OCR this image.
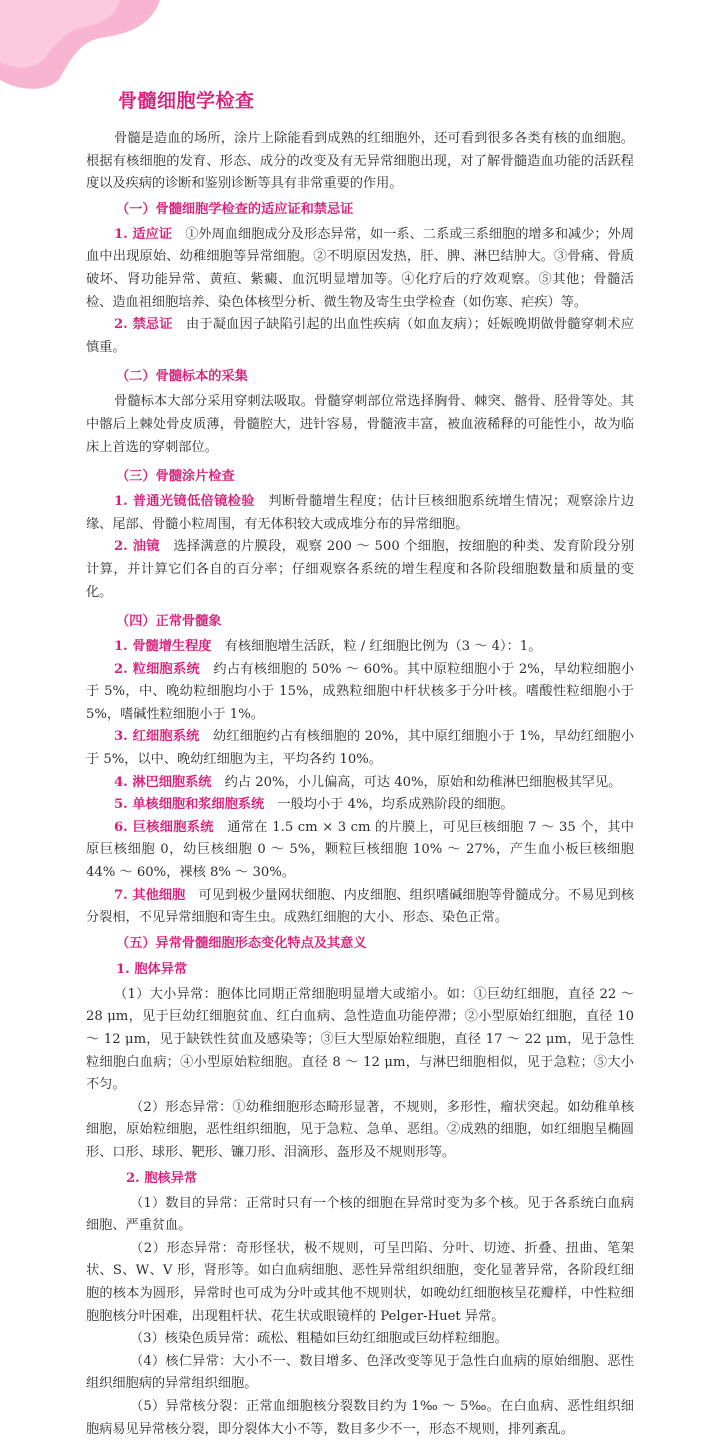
骨髓细胞学检查

骨髓是造血的场所，涂片上除能看到成熟的红细胞外，还可看到很多各类有核的血细胞。根据有核细胞的发育、形态、成分的改变及有无异常细胞出现，对了解骨髓造血功能的活跃程度以及疾病的诊断和鉴别诊断等具有非常重要的作用。

（一）骨髓细胞学检查的适应证和禁忌证

1. 适应证　 ①外周血细胞成分及形态异常，如一系、二系或三系细胞的增多和减少；外周血中出现原始、幼稚细胞等异常细胞。②不明原因发热，肝、脾、淋巴结肿大。③骨痛、骨质破坏、肾功能异常、黄疸、紫癜、血沉明显增加等。④化疗后的疗效观察。⑤其他；骨髓活检、造血祖细胞培养、染色体核型分析、微生物及寄生虫学检查（如伤寒、疟疾）等。

2. 禁忌证　 由于凝血因子缺陷引起的出血性疾病（如血友病）；妊娠晚期做骨髓穿刺术应慎重。

（二）骨髓标本的采集

骨髓标本大部分采用穿刺法吸取。骨髓穿刺部位常选择胸骨、棘突、髂骨、胫骨等处。其中髂后上棘处骨皮质薄，骨髓腔大，进针容易，骨髓液丰富，被血液稀释的可能性小，故为临床上首选的穿刺部位。

（三）骨髓涂片检查

1. 普通光镜低倍镜检验　 判断骨髓增生程度；估计巨核细胞系统增生情况；观察涂片边缘、尾部、骨髓小粒周围，有无体积较大或成堆分布的异常细胞。

2. 油镜　 选择满意的片膜段，观察 200 ～ 500 个细胞，按细胞的种类、发育阶段分别计算，并计算它们各自的百分率；仔细观察各系统的增生程度和各阶段细胞数量和质量的变化。

（四）正常骨髓象

1. 骨髓增生程度　 有核细胞增生活跃，粒 / 红细胞比例为（3 ～ 4）：1。

2. 粒细胞系统　 约占有核细胞的 50% ～ 60%。其中原粒细胞小于 2%，早幼粒细胞小于 5%，中、晚幼粒细胞均小于 15%，成熟粒细胞中杆状核多于分叶核。嗜酸性粒细胞小于 5%，嗜碱性粒细胞小于 1%。

3. 红细胞系统　 幼红细胞约占有核细胞的 20%，其中原红细胞小于 1%，早幼红细胞小于 5%，以中、晚幼红细胞为主，平均各约 10%。

4. 淋巴细胞系统　 约占 20%，小儿偏高，可达 40%，原始和幼稚淋巴细胞极其罕见。

5. 单核细胞和浆细胞系统　 一般均小于 4%，均系成熟阶段的细胞。

6. 巨核细胞系统　 通常在 1.5 cm × 3 cm 的片膜上，可见巨核细胞 7 ～ 35 个，其中原巨核细胞 0，幼巨核细胞 0 ～ 5%，颗粒巨核细胞 10% ～ 27%，产生血小板巨核细胞 44% ～ 60%，裸核 8% ～ 30%。

7. 其他细胞　 可见到极少量网状细胞、内皮细胞、组织嗜碱细胞等骨髓成分。不易见到核分裂相，不见异常细胞和寄生虫。成熟红细胞的大小、形态、染色正常。

（五）异常骨髓细胞形态变化特点及其意义
1. 胞体异常

（1）大小异常：胞体比同期正常细胞明显增大或缩小。如：①巨幼红细胞，直径 22 ～ 28 μm，见于巨幼红细胞贫血、红白血病、急性造血功能停滞；②小型原始红细胞，直径 10 ～ 12 μm，见于缺铁性贫血及感染等；③巨大型原始粒细胞，直径 17 ～ 22 μm，见于急性粒细胞白血病；④小型原始粒细胞。直径 8 ～ 12 μm，与淋巴细胞相似，见于急粒；⑤大小不匀。

（2）形态异常：①幼稚细胞形态畸形显著，不规则，多形性，瘤状突起。如幼稚单核细胞，原始粒细胞，恶性组织细胞，见于急粒、急单、恶组。②成熟的细胞，如红细胞呈椭圆形、口形、球形、靶形、镰刀形、泪滴形、盔形及不规则形等。

2. 胞核异常

（1）数目的异常：正常时只有一个核的细胞在异常时变为多个核。见于各系统白血病细胞、严重贫血。

（2）形态异常：奇形怪状，极不规则，可呈凹陷、分叶、切迹、折叠、扭曲、笔架状、S、W、V 形，肾形等。如白血病细胞、恶性异常组织细胞，变化显著异常，各阶段红细胞的核本为圆形，异常时也可成为分叶或其他不规则状，如晚幼红细胞核呈花瓣样，中性粒细胞胞核分叶困难，出现粗杆状、花生状或眼镜样的 Pelger-Huet 异常。

（3）核染色质异常：疏松、粗糙如巨幼红细胞或巨幼样粒细胞。

（4）核仁异常：大小不一、数目增多、色泽改变等见于急性白血病的原始细胞、恶性组织细胞病的异常组织细胞。

（5）异常核分裂：正常血细胞核分裂数目约为 1‰ ～ 5‰。在白血病、恶性组织细胞病易见异常核分裂，即分裂体大小不等，数目多少不一，形态不规则，排列紊乱。
